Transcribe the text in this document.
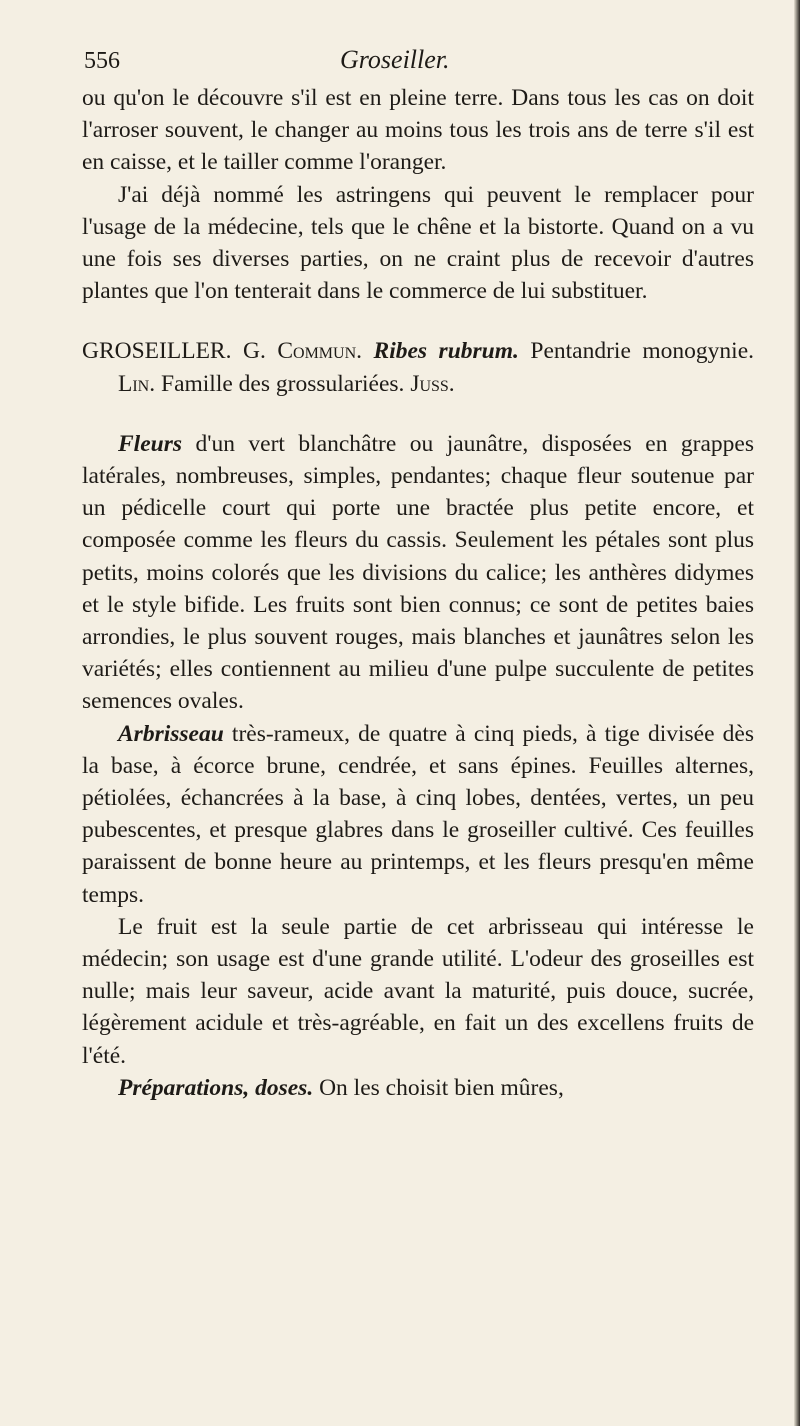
556	Groseiller.

ou qu'on le découvre s'il est en pleine terre. Dans tous les cas on doit l'arroser souvent, le changer au moins tous les trois ans de terre s'il est en caisse, et le tailler comme l'oranger.

J'ai déjà nommé les astringens qui peuvent le remplacer pour l'usage de la médecine, tels que le chêne et la bistorte. Quand on a vu une fois ses diverses parties, on ne craint plus de recevoir d'autres plantes que l'on tenterait dans le commerce de lui substituer.

GROSEILLER. G. Commun. Ribes rubrum. Pentandrie monogynie. Lin. Famille des grossulariées. Juss.

Fleurs d'un vert blanchâtre ou jaunâtre, disposées en grappes latérales, nombreuses, simples, pendantes; chaque fleur soutenue par un pédicelle court qui porte une bractée plus petite encore, et composée comme les fleurs du cassis. Seulement les pétales sont plus petits, moins colorés que les divisions du calice; les anthères didymes et le style bifide. Les fruits sont bien connus; ce sont de petites baies arrondies, le plus souvent rouges, mais blanches et jaunâtres selon les variétés; elles contiennent au milieu d'une pulpe succulente de petites semences ovales.

Arbrisseau très-rameux, de quatre à cinq pieds, à tige divisée dès la base, à écorce brune, cendrée, et sans épines. Feuilles alternes, pétiolées, échancrées à la base, à cinq lobes, dentées, vertes, un peu pubescentes, et presque glabres dans le groseiller cultivé. Ces feuilles paraissent de bonne heure au printemps, et les fleurs presqu'en même temps.

Le fruit est la seule partie de cet arbrisseau qui intéresse le médecin; son usage est d'une grande utilité. L'odeur des groseilles est nulle; mais leur saveur, acide avant la maturité, puis douce, sucrée, légèrement acidule et très-agréable, en fait un des excellens fruits de l'été.

Préparations, doses. On les choisit bien mûres,
